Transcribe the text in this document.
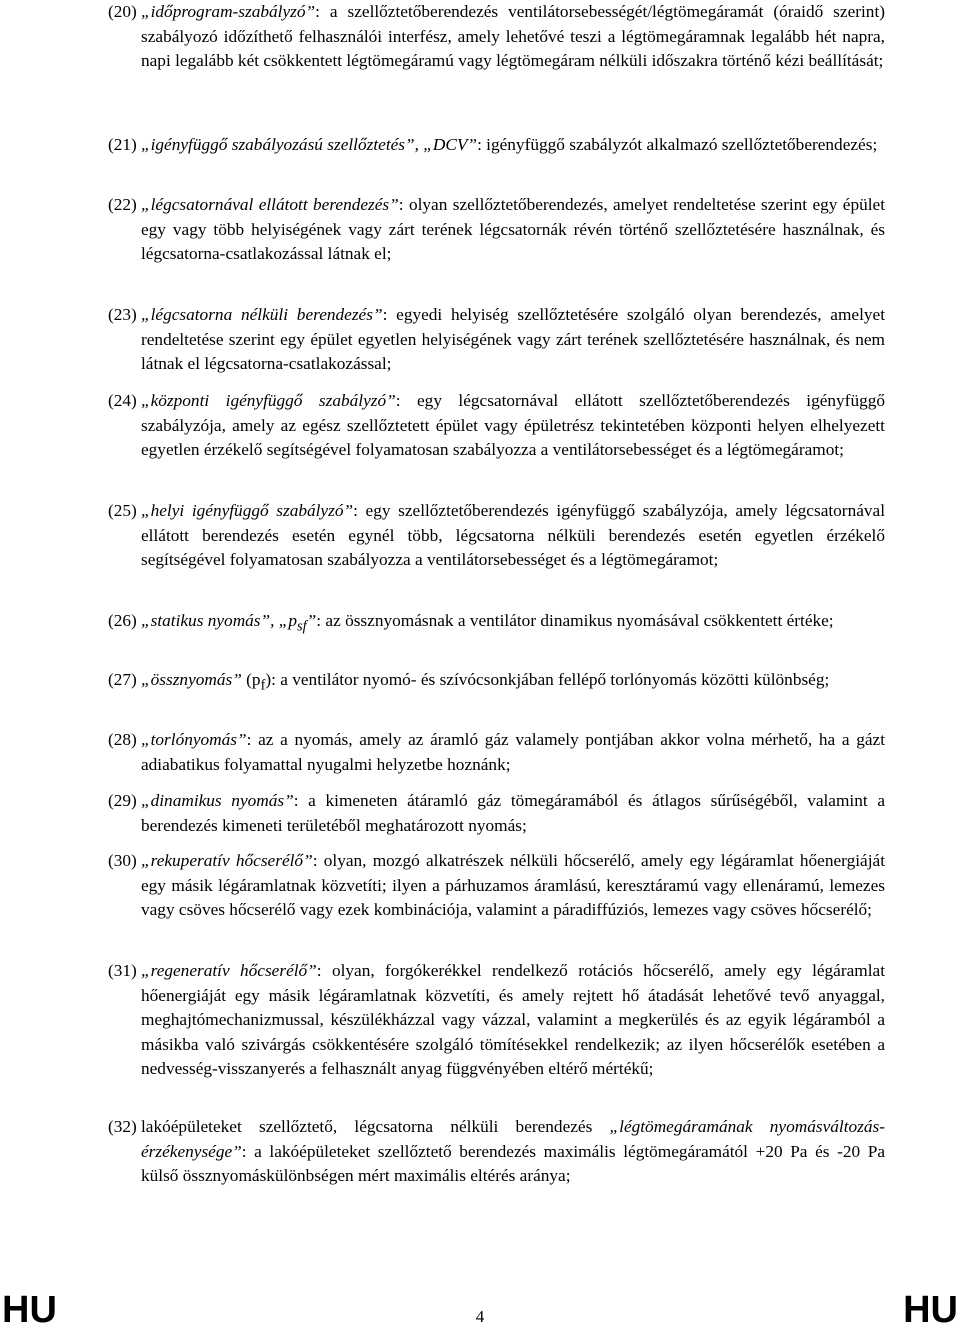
(20) „időprogram-szabályzó”: a szellőztetőberendezés ventilátorsebességét/légtömegáramát (óraidő szerint) szabályozó időzíthető felhasználói interfész, amely lehetővé teszi a légtömegáramnak legalább hét napra, napi legalább két csökkentett légtömegáramú vagy légtömegáram nélküli időszakra történő kézi beállítását;

(21) „igényfüggő szabályozású szellőztetés”, „DCV”: igényfüggő szabályzót alkalmazó szellőztetőberendezés;

(22) „légcsatornával ellátott berendezés”: olyan szellőztetőberendezés, amelyet rendeltetése szerint egy épület egy vagy több helyiségének vagy zárt terének légcsatornák révén történő szellőztetésére használnak, és légcsatorna-csatlakozással látnak el;

(23) „légcsatorna nélküli berendezés”: egyedi helyiség szellőztetésére szolgáló olyan berendezés, amelyet rendeltetése szerint egy épület egyetlen helyiségének vagy zárt terének szellőztetésére használnak, és nem látnak el légcsatorna-csatlakozással;

(24) „központi igényfüggő szabályzó”: egy légcsatornával ellátott szellőztetőberendezés igényfüggő szabályzója, amely az egész szellőztetett épület vagy épületrész tekintetében központi helyen elhelyezett egyetlen érzékelő segítségével folyamatosan szabályozza a ventilátorsebességet és a légtömegáramot;

(25) „helyi igényfüggő szabályzó”: egy szellőztetőberendezés igényfüggő szabályzója, amely légcsatornával ellátott berendezés esetén egynél több, légcsatorna nélküli berendezés esetén egyetlen érzékelő segítségével folyamatosan szabályozza a ventilátorsebességet és a légtömegáramot;

(26) „statikus nyomás”, $„p_{sf}$”: az össznyomásnak a ventilátor dinamikus nyomásával csökkentett értéke;

(27) „össznyomás” $(p_f)$: a ventilátor nyomó- és szívócsonkjában fellépő torlónyomás közötti különbség;

(28) „torlónyomás”: az a nyomás, amely az áramló gáz valamely pontjában akkor volna mérhető, ha a gázt adiabatikus folyamattal nyugalmi helyzetbe hoznánk;

(29) „dinamikus nyomás”: a kimeneten átáramló gáz tömegáramából és átlagos sűrűségéből, valamint a berendezés kimeneti területéből meghatározott nyomás;

(30) „rekuperatív hőcserélő”: olyan, mozgó alkatrészek nélküli hőcserélő, amely egy légáramlat hőenergiáját egy másik légáramlatnak közvetíti; ilyen a párhuzamos áramlású, keresztáramú vagy ellenáramú, lemezes vagy csöves hőcserélő vagy ezek kombinációja, valamint a páradiffúziós, lemezes vagy csöves hőcserélő;

(31) „regeneratív hőcserélő”: olyan, forgókerékkel rendelkező rotációs hőcserélő, amely egy légáramlat hőenergiáját egy másik légáramlatnak közvetíti, és amely rejtett hő átadását lehetővé tevő anyaggal, meghajtómechanizmussal, készülékházzal vagy vázzal, valamint a megkerülés és az egyik légáramból a másikba való szivárgás csökkentésére szolgáló tömítésekkel rendelkezik; az ilyen hőcserélők esetében a nedvesség-visszanyerés a felhasznált anyag függvényében eltérő mértékű;

(32) lakóépületeket szellőztető, légcsatorna nélküli berendezés „légtömegáramának nyomásváltozás-érzékenysége”: a lakóépületeket szellőztető berendezés maximális légtömegáramától +20 Pa és -20 Pa külső össznyomáskülönbségen mért maximális eltérés aránya;

HU	4	HU
